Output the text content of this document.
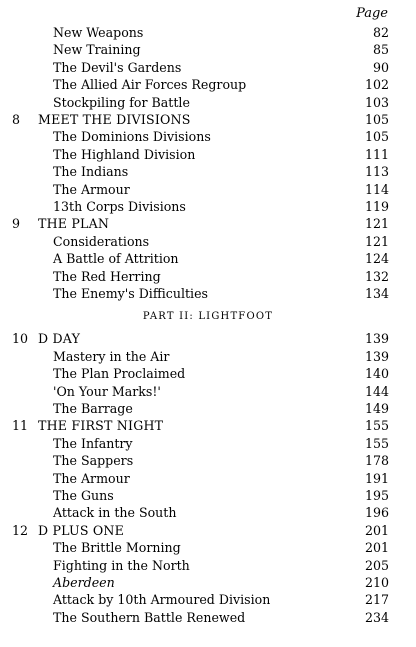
Page
New Weapons	82
New Training	85
The Devil's Gardens	90
The Allied Air Forces Regroup	102
Stockpiling for Battle	103
8	MEET THE DIVISIONS	105
The Dominions Divisions	105
The Highland Division	111
The Indians	113
The Armour	114
13th Corps Divisions	119
9	THE PLAN	121
Considerations	121
A Battle of Attrition	124
The Red Herring	132
The Enemy's Difficulties	134
PART II: LIGHTFOOT
10 D DAY	139
Mastery in the Air	139
The Plan Proclaimed	140
'On Your Marks!'	144
The Barrage	149
11 THE FIRST NIGHT	155
The Infantry	155
The Sappers	178
The Armour	191
The Guns	195
Attack in the South	196
12 D PLUS ONE	201
The Brittle Morning	201
Fighting in the North	205
Aberdeen	210
Attack by 10th Armoured Division	217
The Southern Battle Renewed	234
